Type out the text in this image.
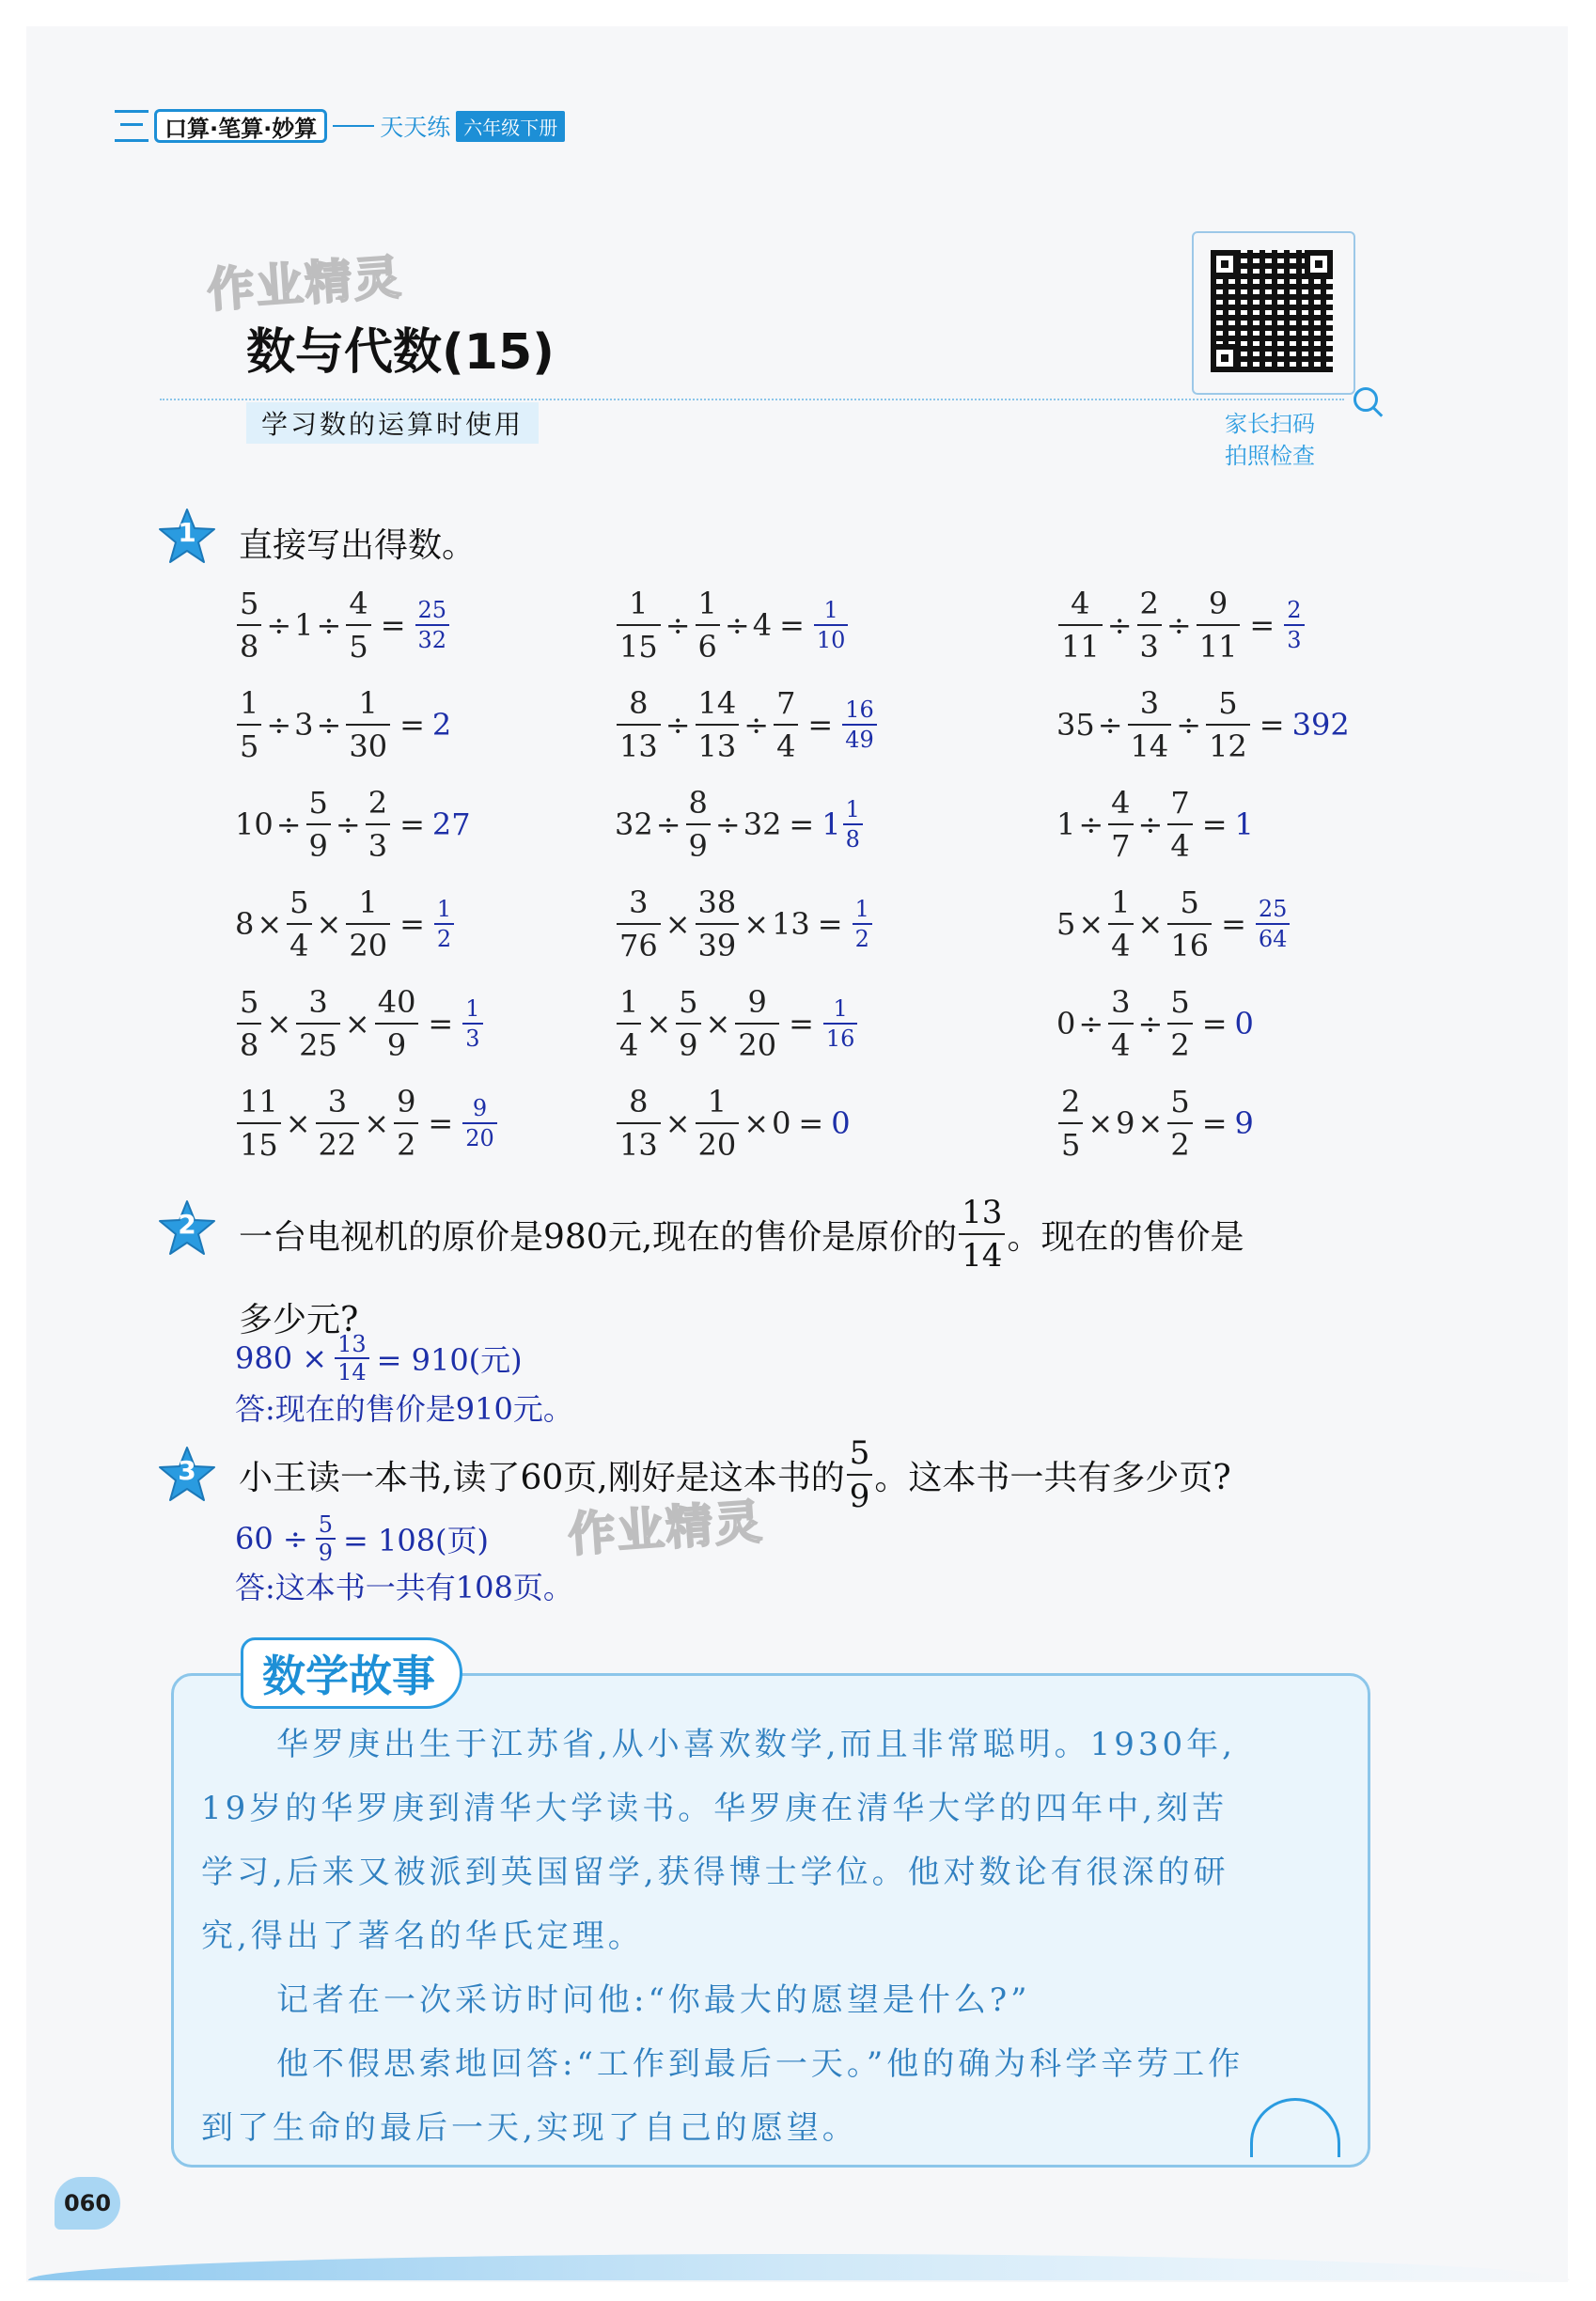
口算·笔算·妙算	天天练 六年级下册
作业精灵
数与代数(15)
学习数的运算时使用	家长扫码
拍照检查
1	直接写出得数。
$\frac{5}{8} \div 1 \div \frac{4}{5} = \frac{25}{32}$	$\frac{1}{15} \div \frac{1}{6} \div 4 = \frac{1}{10}$	$\frac{4}{11} \div \frac{2}{3} \div \frac{9}{11} = \frac{2}{3}$
$\frac{1}{5} \div 3 \div \frac{1}{30} = 2$	$\frac{8}{13} \div \frac{14}{13} \div \frac{7}{4} = \frac{16}{49}$	$35 \div \frac{3}{14} \div \frac{5}{12} = 392$
$10 \div \frac{5}{9} \div \frac{2}{3} = 27$	$32 \div \frac{8}{9} \div 32 = 1 \frac{1}{8}$	$1 \div \frac{4}{7} \div \frac{7}{4} = 1$
$8 \times \frac{5}{4} \times \frac{1}{20} = \frac{1}{2}$	$\frac{3}{76} \times \frac{38}{39} \times 13 = \frac{1}{2}$	$5 \times \frac{1}{4} \times \frac{5}{16} = \frac{25}{64}$
$\frac{5}{8} \times \frac{3}{25} \times \frac{40}{9} = \frac{1}{3}$	$\frac{1}{4} \times \frac{5}{9} \times \frac{9}{20} = \frac{1}{16}$	$0 \div \frac{3}{4} \div \frac{5}{2} = 0$
$\frac{11}{15} \times \frac{3}{22} \times \frac{9}{2} = \frac{9}{20}$	$\frac{8}{13} \times \frac{1}{20} \times 0 = 0$	$\frac{2}{5} \times 9 \times \frac{5}{2} = 9$
2	一台电视机的原价是980元,现在的售价是原价的 $\frac{13}{14}$ 。现在的售价是
多少元?
$980 \times \frac{13}{14} = 910$(元)
答:现在的售价是910元。
3	小王读一本书,读了60页,刚好是这本书的 $\frac{5}{9}$ 。这本书一共有多少页?
$60 \div \frac{5}{9} = 108$(页)
答:这本书一共有108页。
作业精灵
数学故事
华罗庚出生于江苏省,从小喜欢数学,而且非常聪明。1930年,
19岁的华罗庚到清华大学读书。华罗庚在清华大学的四年中,刻苦
学习,后来又被派到英国留学,获得博士学位。他对数论有很深的研
究,得出了著名的华氏定理。
记者在一次采访时问他:“你最大的愿望是什么?”
他不假思索地回答:“工作到最后一天。”他的确为科学辛劳工作
到了生命的最后一天,实现了自己的愿望。
060
